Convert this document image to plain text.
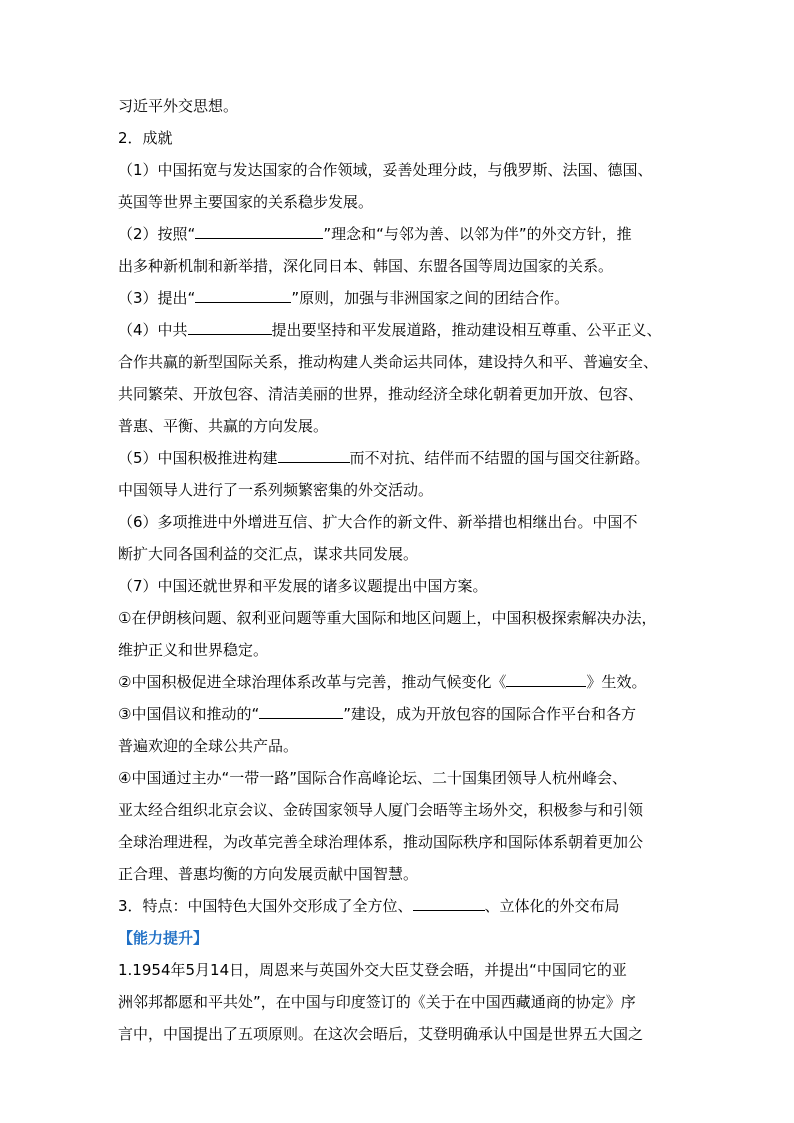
习近平外交思想。
2．成就
（1）中国拓宽与发达国家的合作领域，妥善处理分歧，与俄罗斯、法国、德国、
英国等世界主要国家的关系稳步发展。
（2）按照“	”理念和“与邻为善、以邻为伴”的外交方针，推
出多种新机制和新举措，深化同日本、韩国、东盟各国等周边国家的关系。
（3）提出“	”原则，加强与非洲国家之间的团结合作。
（4）中共	提出要坚持和平发展道路，推动建设相互尊重、公平正义、
合作共赢的新型国际关系，推动构建人类命运共同体，建设持久和平、普遍安全、
共同繁荣、开放包容、清洁美丽的世界，推动经济全球化朝着更加开放、包容、
普惠、平衡、共赢的方向发展。
（5）中国积极推进构建	而不对抗、结伴而不结盟的国与国交往新路。
中国领导人进行了一系列频繁密集的外交活动。
（6）多项推进中外增进互信、扩大合作的新文件、新举措也相继出台。中国不
断扩大同各国利益的交汇点，谋求共同发展。
（7）中国还就世界和平发展的诸多议题提出中国方案。
①在伊朗核问题、叙利亚问题等重大国际和地区问题上，中国积极探索解决办法，
维护正义和世界稳定。
②中国积极促进全球治理体系改革与完善，推动气候变化《	》生效。
③中国倡议和推动的“	”建设，成为开放包容的国际合作平台和各方
普遍欢迎的全球公共产品。
④中国通过主办“一带一路”国际合作高峰论坛、二十国集团领导人杭州峰会、
亚太经合组织北京会议、金砖国家领导人厦门会晤等主场外交，积极参与和引领
全球治理进程，为改革完善全球治理体系，推动国际秩序和国际体系朝着更加公
正合理、普惠均衡的方向发展贡献中国智慧。
3．特点：中国特色大国外交形成了全方位、	、立体化的外交布局
【能力提升】
1.1954年5月14日，周恩来与英国外交大臣艾登会晤，并提出“中国同它的亚
洲邻邦都愿和平共处”，在中国与印度签订的《关于在中国西藏通商的协定》序
言中，中国提出了五项原则。在这次会晤后，艾登明确承认中国是世界五大国之
